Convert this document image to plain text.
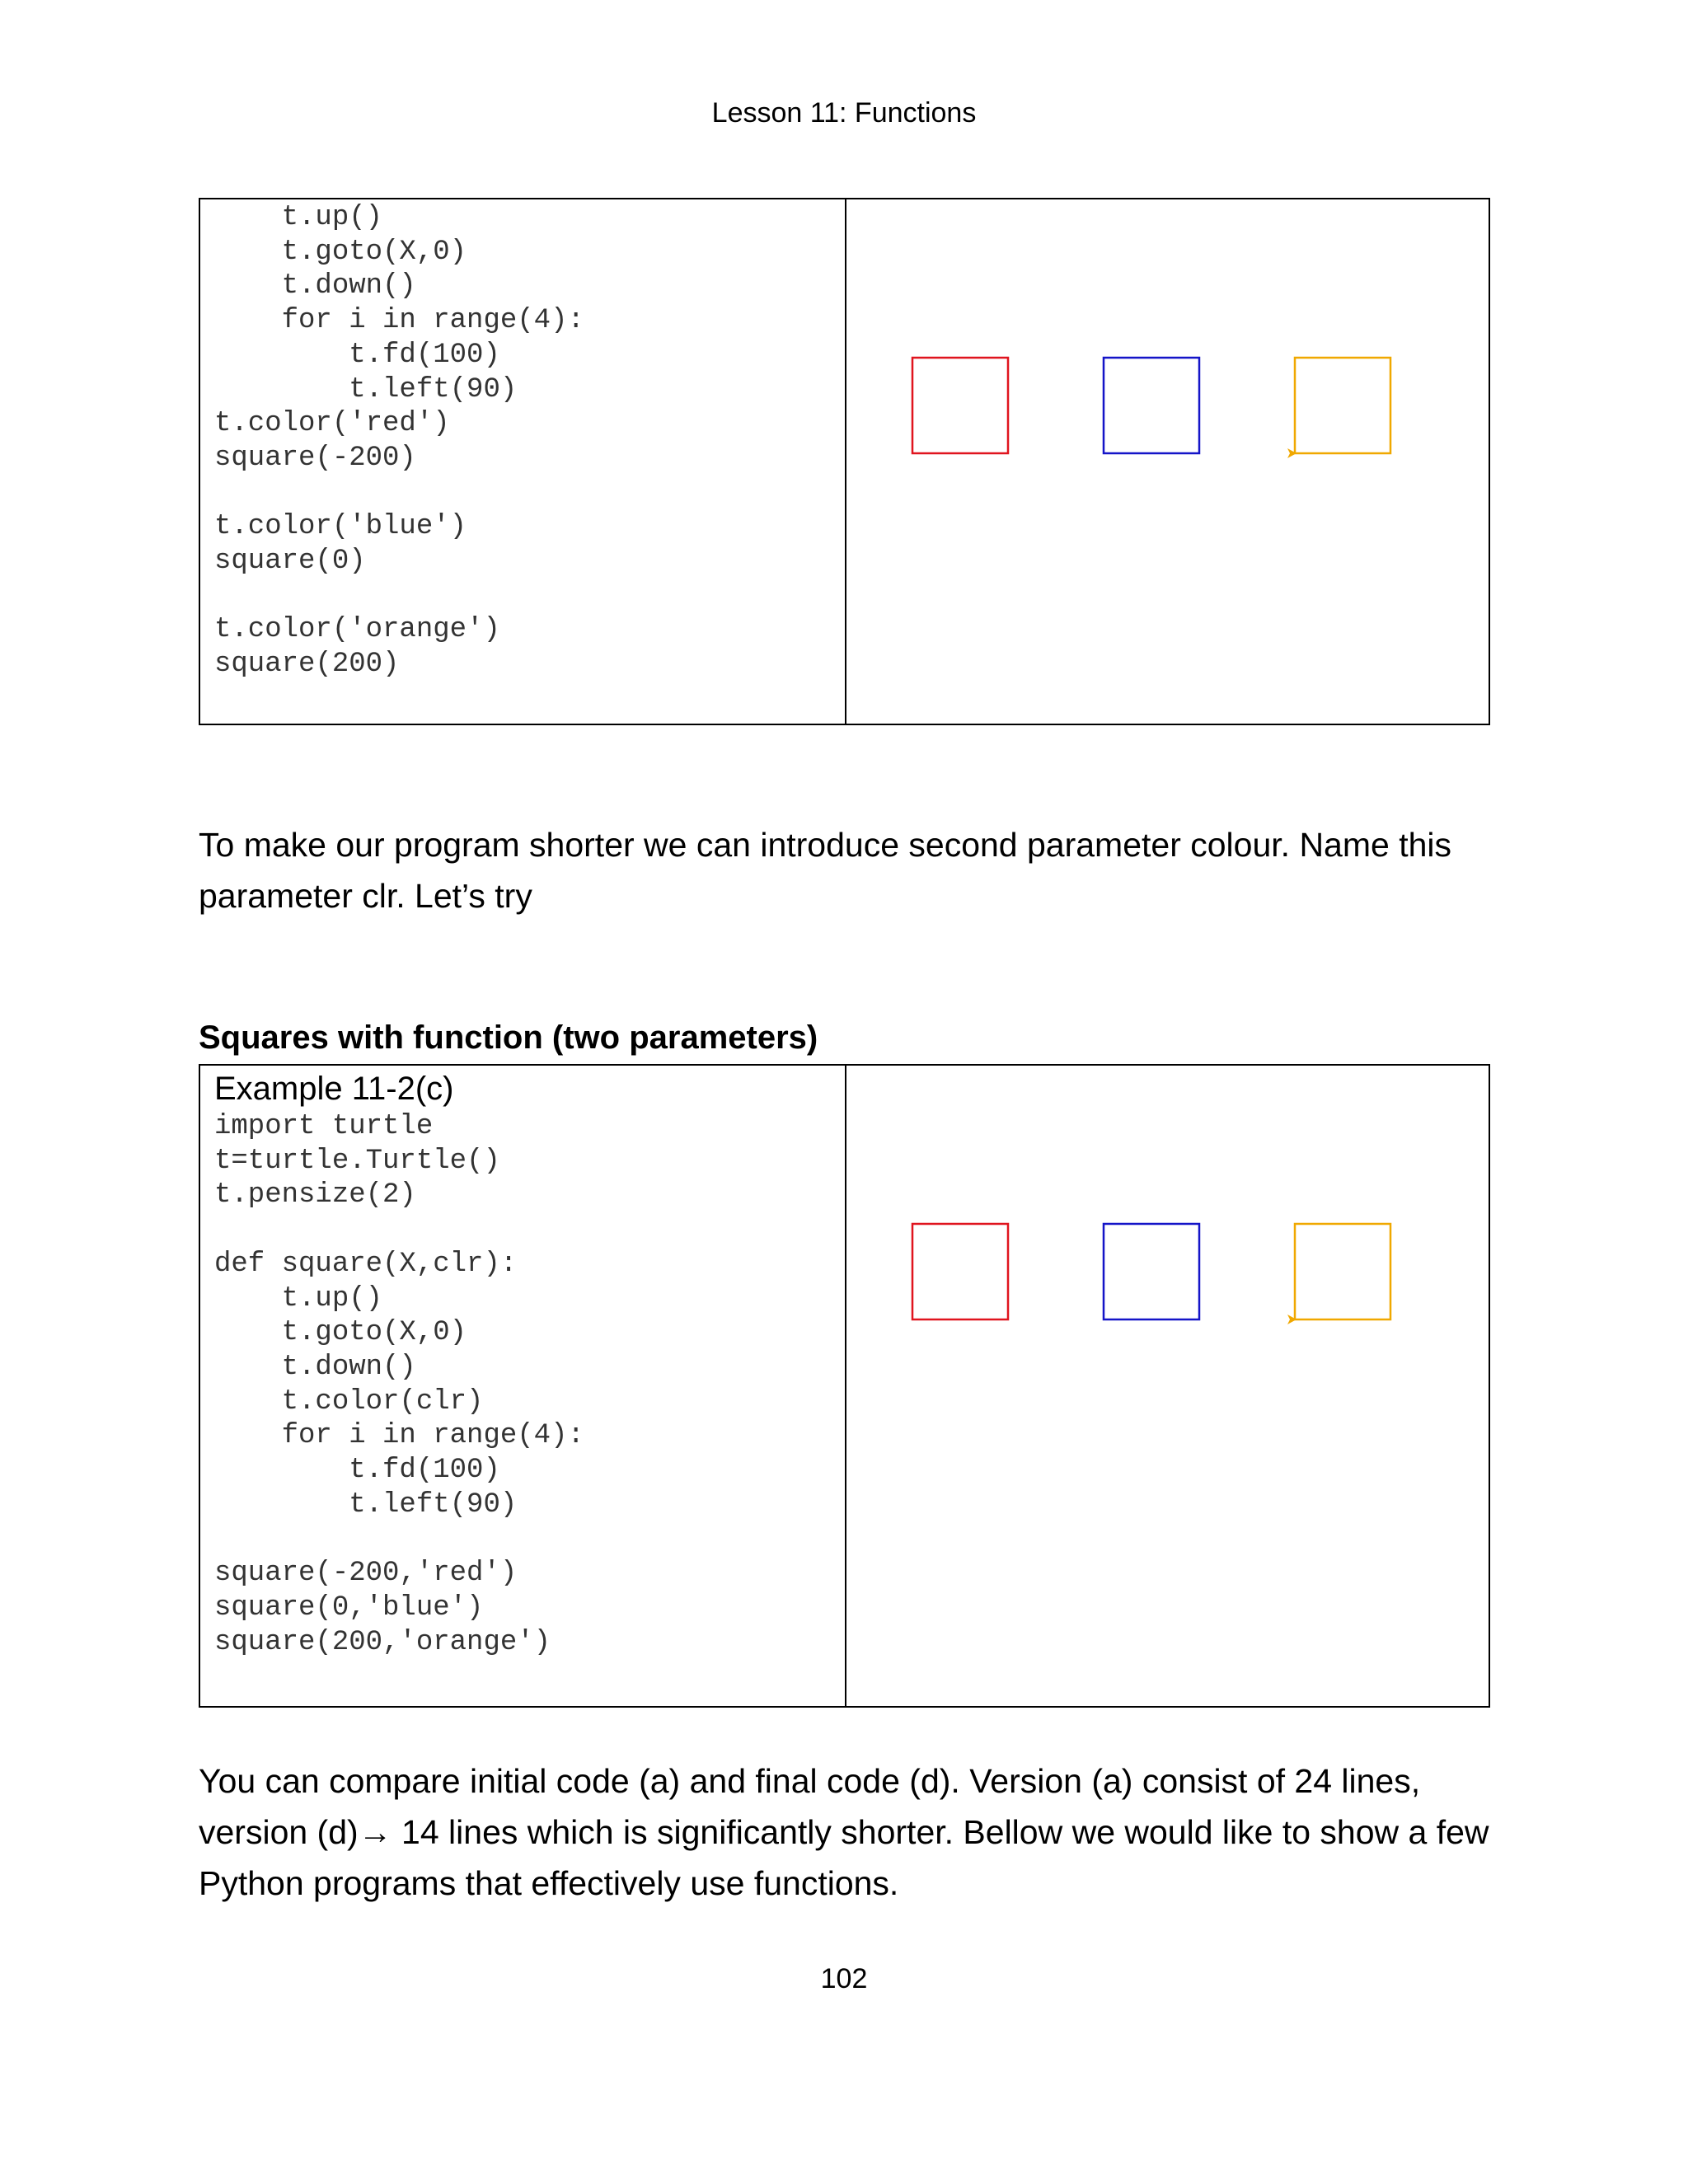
Lesson 11: Functions
t.up()
t.goto(X,0)
t.down()
for i in range(4):
t.fd(100)
t.left(90)
t.color('red')
square(-200)

t.color('blue')
square(0)

t.color('orange')
square(200)

To make our program shorter we can introduce second parameter colour. Name this parameter clr. Let’s try

Squares with function (two parameters)
Example 11-2(c)
import turtle
t=turtle.Turtle()
t.pensize(2)

def square(X,clr):
t.up()
t.goto(X,0)
t.down()
t.color(clr)
for i in range(4):
t.fd(100)
t.left(90)

square(-200,'red')
square(0,'blue')
square(200,'orange')

You can compare initial code (a) and final code (d). Version (a) consist of 24 lines, version (d)→ 14 lines which is significantly shorter. Bellow we would like to show a few Python programs that effectively use functions.

102
